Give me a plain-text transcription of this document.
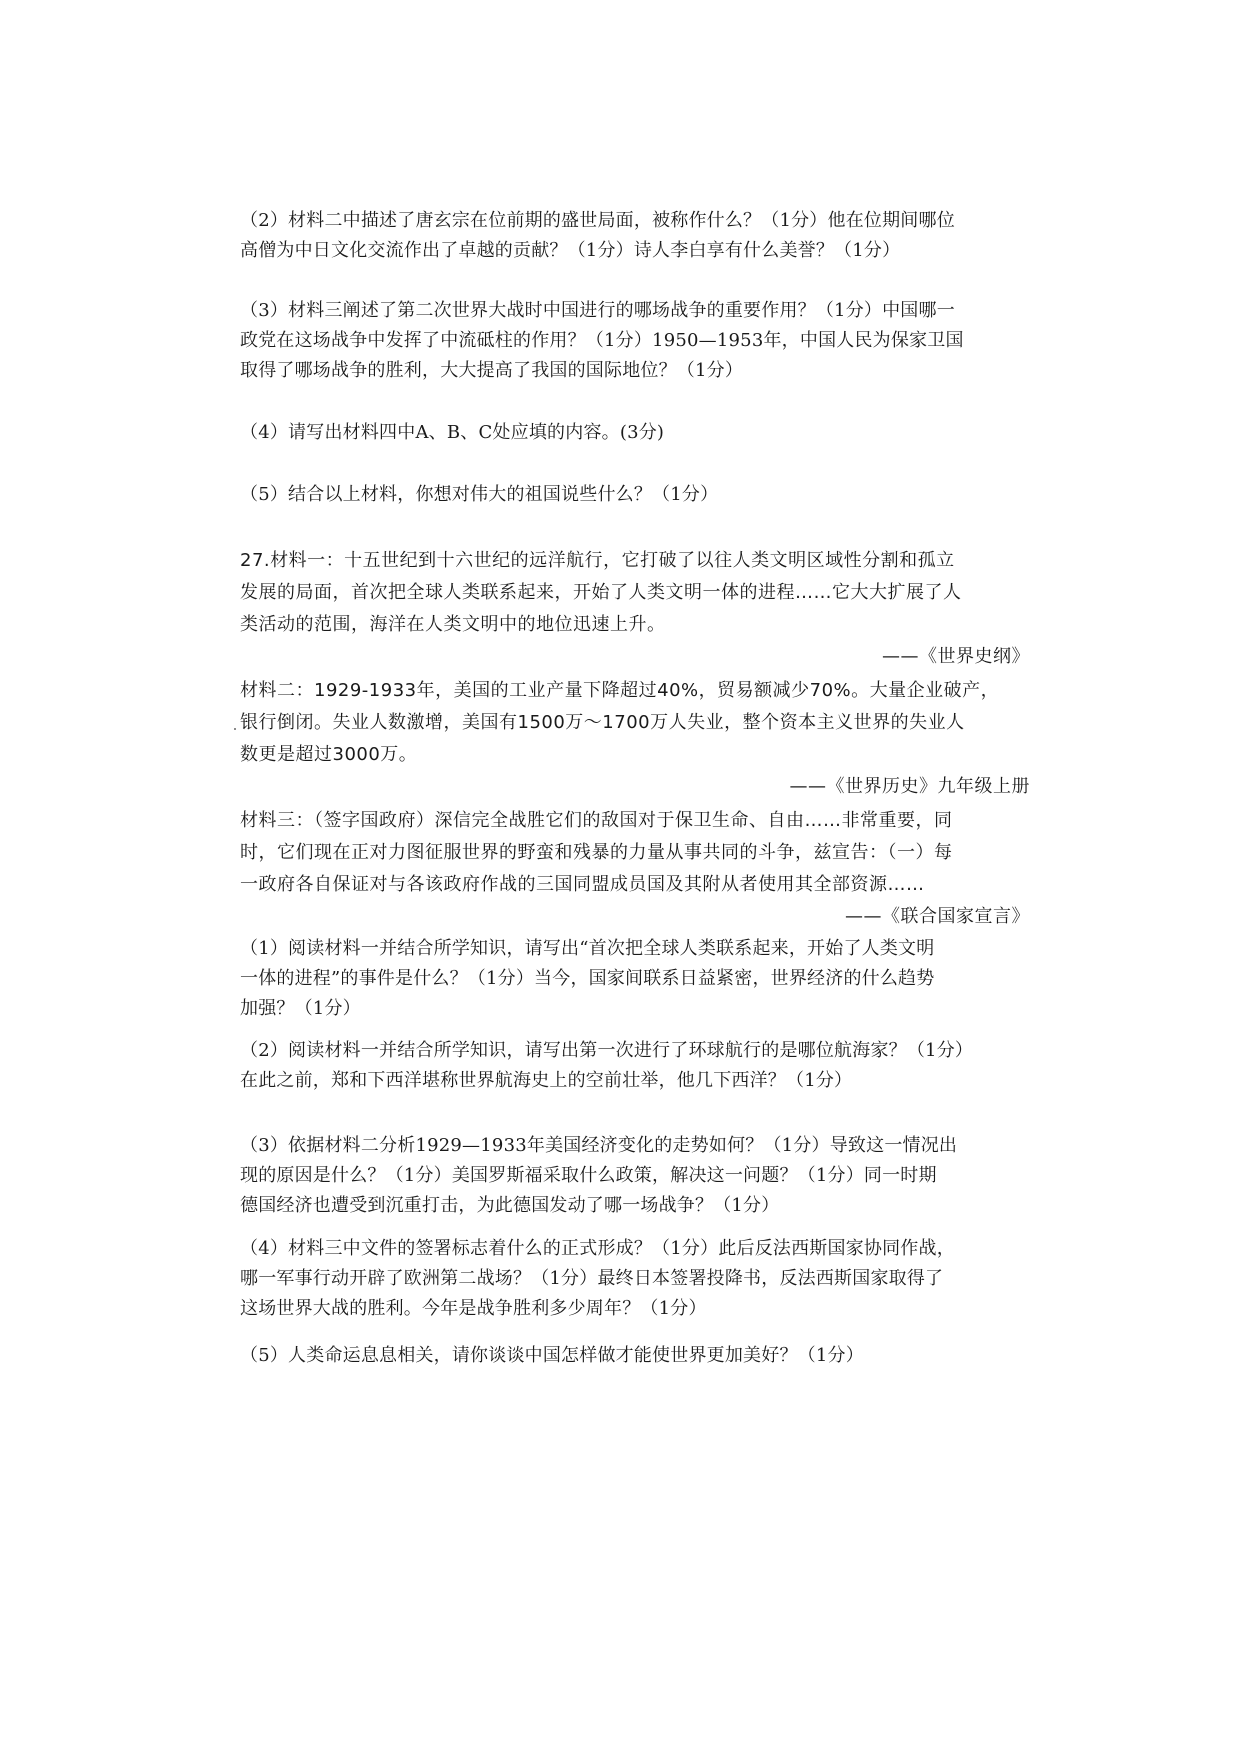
（2）材料二中描述了唐玄宗在位前期的盛世局面，被称作什么？（1分）他在位期间哪位
高僧为中日文化交流作出了卓越的贡献？（1分）诗人李白享有什么美誉？（1分）
（3）材料三阐述了第二次世界大战时中国进行的哪场战争的重要作用？（1分）中国哪一
政党在这场战争中发挥了中流砥柱的作用？（1分）1950—1953年，中国人民为保家卫国
取得了哪场战争的胜利，大大提高了我国的国际地位？（1分）
（4）请写出材料四中A、B、C处应填的内容。(3分)
（5）结合以上材料，你想对伟大的祖国说些什么？（1分）
27.材料一：十五世纪到十六世纪的远洋航行，它打破了以往人类文明区域性分割和孤立
发展的局面，首次把全球人类联系起来，开始了人类文明一体的进程……它大大扩展了人
类活动的范围，海洋在人类文明中的地位迅速上升。
——《世界史纲》
材料二：1929-1933年，美国的工业产量下降超过40%，贸易额减少70%。大量企业破产，
银行倒闭。失业人数激增，美国有1500万～1700万人失业，整个资本主义世界的失业人
数更是超过3000万。
——《世界历史》九年级上册
材料三：（签字国政府）深信完全战胜它们的敌国对于保卫生命、自由……非常重要，同
时，它们现在正对力图征服世界的野蛮和残暴的力量从事共同的斗争，兹宣告：（一）每
一政府各自保证对与各该政府作战的三国同盟成员国及其附从者使用其全部资源……
——《联合国家宣言》
（1）阅读材料一并结合所学知识，请写出“首次把全球人类联系起来，开始了人类文明
一体的进程”的事件是什么？（1分）当今，国家间联系日益紧密，世界经济的什么趋势
加强？（1分）
（2）阅读材料一并结合所学知识，请写出第一次进行了环球航行的是哪位航海家？（1分）
在此之前，郑和下西洋堪称世界航海史上的空前壮举，他几下西洋？（1分）
（3）依据材料二分析1929—1933年美国经济变化的走势如何？（1分）导致这一情况出
现的原因是什么？（1分）美国罗斯福采取什么政策，解决这一问题？（1分）同一时期
德国经济也遭受到沉重打击，为此德国发动了哪一场战争？（1分）
（4）材料三中文件的签署标志着什么的正式形成？（1分）此后反法西斯国家协同作战，
哪一军事行动开辟了欧洲第二战场？（1分）最终日本签署投降书，反法西斯国家取得了
这场世界大战的胜利。今年是战争胜利多少周年？（1分）
（5）人类命运息息相关，请你谈谈中国怎样做才能使世界更加美好？（1分）
